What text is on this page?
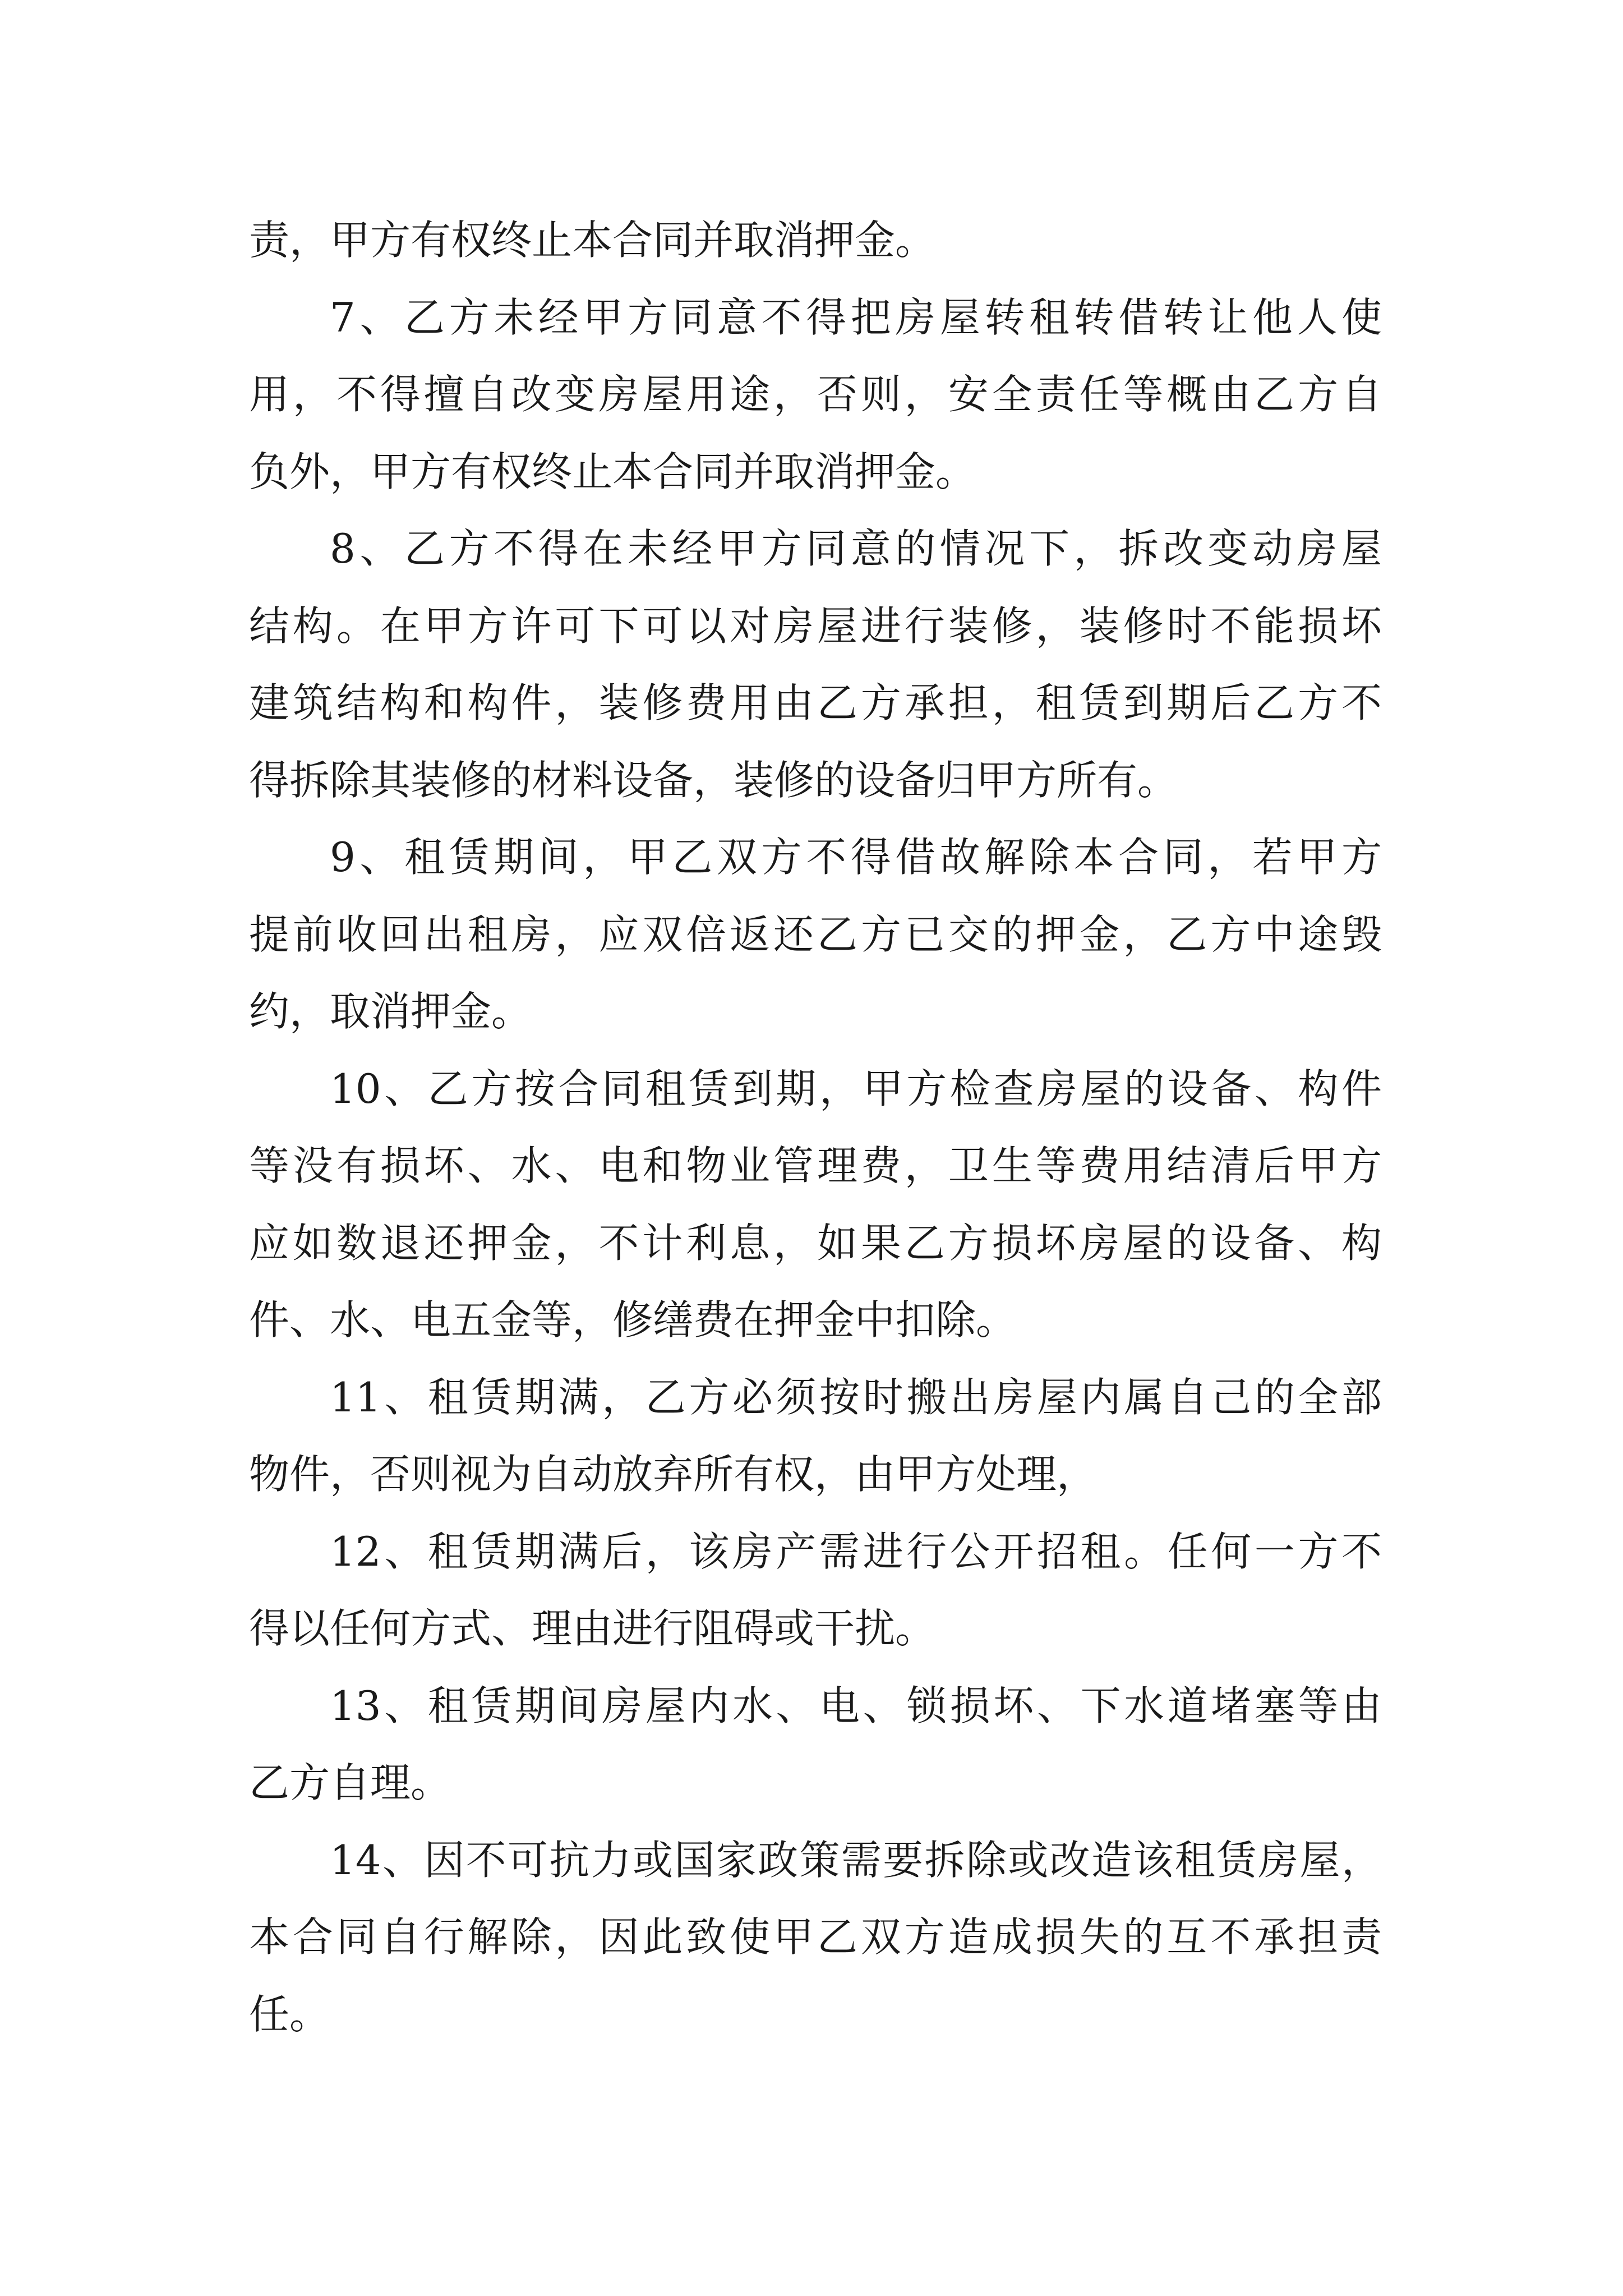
责，甲方有权终止本合同并取消押金。
7、乙方未经甲方同意不得把房屋转租转借转让他人使
用，不得擅自改变房屋用途，否则，安全责任等概由乙方自
负外，甲方有权终止本合同并取消押金。
8、乙方不得在未经甲方同意的情况下，拆改变动房屋
结构。在甲方许可下可以对房屋进行装修，装修时不能损坏
建筑结构和构件，装修费用由乙方承担，租赁到期后乙方不
得拆除其装修的材料设备，装修的设备归甲方所有。
9、租赁期间，甲乙双方不得借故解除本合同，若甲方
提前收回出租房，应双倍返还乙方已交的押金，乙方中途毁
约，取消押金。
10、乙方按合同租赁到期，甲方检查房屋的设备、构件
等没有损坏、水、电和物业管理费，卫生等费用结清后甲方
应如数退还押金，不计利息，如果乙方损坏房屋的设备、构
件、水、电五金等，修缮费在押金中扣除。
11、租赁期满，乙方必须按时搬出房屋内属自己的全部
物件，否则视为自动放弃所有权，由甲方处理，
12、租赁期满后，该房产需进行公开招租。任何一方不
得以任何方式、理由进行阻碍或干扰。
13、租赁期间房屋内水、电、锁损坏、下水道堵塞等由
乙方自理。
14、因不可抗力或国家政策需要拆除或改造该租赁房屋，
本合同自行解除，因此致使甲乙双方造成损失的互不承担责
任。
